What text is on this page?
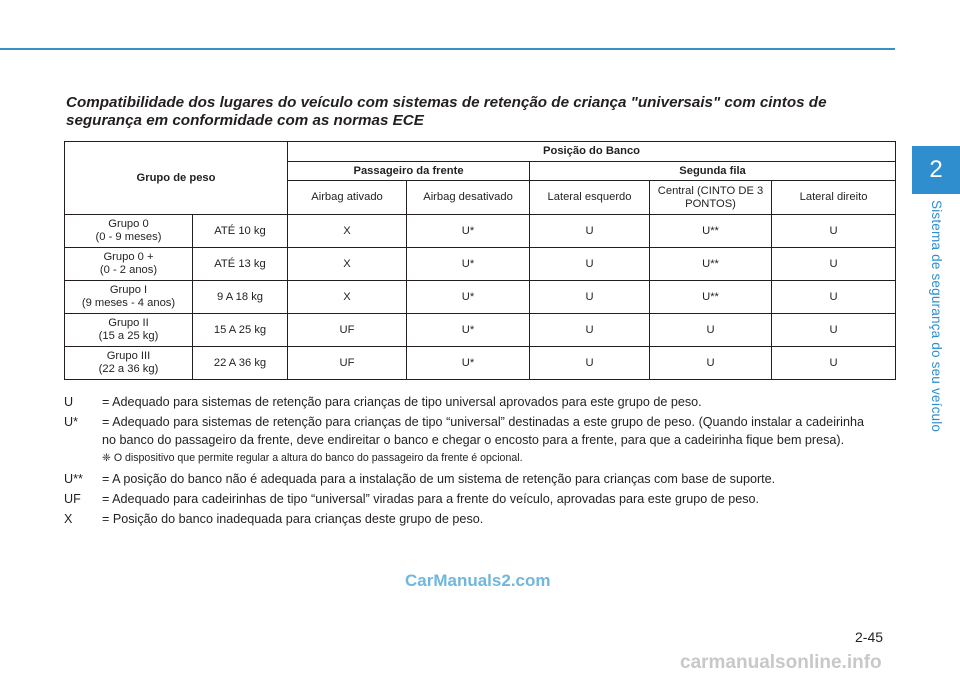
2
Sistema de segurança do seu veículo
Compatibilidade dos lugares do veículo com sistemas de retenção de criança "universais" com cintos de segurança em conformidade com as normas ECE
Grupo de peso		Posição do Banco				
		Passageiro da frente		Segunda fila		
		Airbag ativado	Airbag desativado	Lateral esquerdo	Central (CINTO DE 3 PONTOS)	Lateral direito
Grupo 0
(0 - 9 meses)	ATÉ 10 kg	X	U*	U	U**	U
Grupo 0 +
(0 - 2 anos)	ATÉ 13 kg	X	U*	U	U**	U
Grupo I
(9 meses - 4 anos)	9 A 18 kg	X	U*	U	U**	U
Grupo II
(15 a 25 kg)	15 A 25 kg	UF	U*	U	U	U
Grupo III
(22 a 36 kg)	22 A 36 kg	UF	U*	U	U	U
U	= Adequado para sistemas de retenção para crianças de tipo universal aprovados para este grupo de peso.
U*	= Adequado para sistemas de retenção para crianças de tipo “universal” destinadas a este grupo de peso. (Quando instalar a cadeirinha no banco do passageiro da frente, deve endireitar o banco e chegar o encosto para a frente, para que a cadeirinha fique bem presa).
❈ O dispositivo que permite regular a altura do banco do passageiro da frente é opcional.
U**	= A posição do banco não é adequada para a instalação de um sistema de retenção para crianças com base de suporte.
UF	= Adequado para cadeirinhas de tipo “universal” viradas para a frente do veículo, aprovadas para este grupo de peso.
X	= Posição do banco inadequada para crianças deste grupo de peso.
CarManuals2.com
2-45
carmanualsonline.info
